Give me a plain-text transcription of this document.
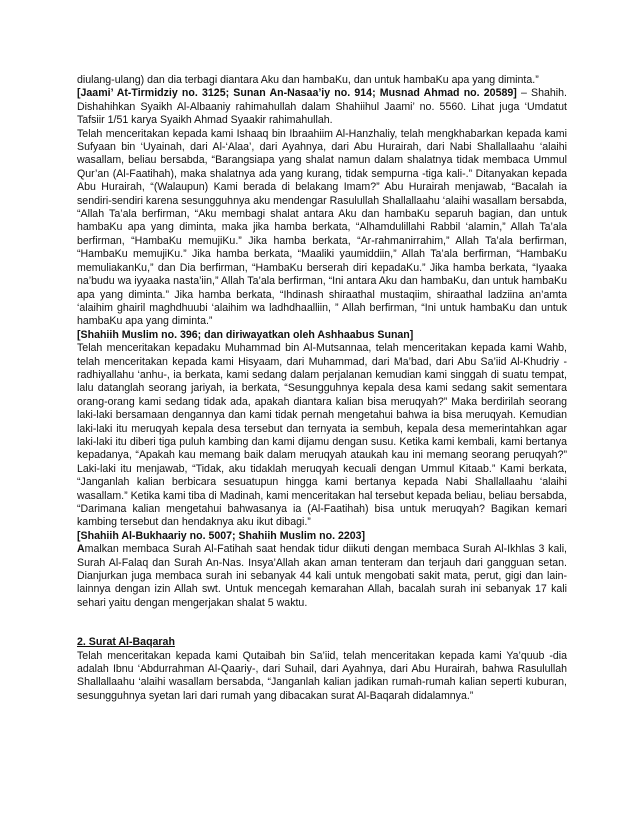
diulang-ulang) dan dia terbagi diantara Aku dan hambaKu, dan untuk hambaKu apa yang diminta.”

[Jaami’ At-Tirmidziy no. 3125; Sunan An-Nasaa’iy no. 914; Musnad Ahmad no. 20589] – Shahih. Dishahihkan Syaikh Al-Albaaniy rahimahullah dalam Shahiihul Jaami’ no. 5560. Lihat juga ‘Umdatut Tafsiir 1/51 karya Syaikh Ahmad Syaakir rahimahullah.

Telah menceritakan kepada kami Ishaaq bin Ibraahiim Al-Hanzhaliy, telah mengkhabarkan kepada kami Sufyaan bin ‘Uyainah, dari Al-‘Alaa’, dari Ayahnya, dari Abu Hurairah, dari Nabi Shallallaahu ‘alaihi wasallam, beliau bersabda, “Barangsiapa yang shalat namun dalam shalatnya tidak membaca Ummul Qur’an (Al-Faatihah), maka shalatnya ada yang kurang, tidak sempurna -tiga kali-.” Ditanyakan kepada Abu Hurairah, “(Walaupun) Kami berada di belakang Imam?” Abu Hurairah menjawab, “Bacalah ia sendiri-sendiri karena sesungguhnya aku mendengar Rasulullah Shallallaahu ‘alaihi wasallam bersabda, “Allah Ta’ala berfirman, “Aku membagi shalat antara Aku dan hambaKu separuh bagian, dan untuk hambaKu apa yang diminta, maka jika hamba berkata, “Alhamdulillahi Rabbil ‘alamin,” Allah Ta’ala berfirman, “HambaKu memujiKu.” Jika hamba berkata, “Ar-rahmanirrahim,” Allah Ta’ala berfirman, “HambaKu memujiKu.” Jika hamba berkata, “Maaliki yaumiddiin,” Allah Ta’ala berfirman, “HambaKu memuliakanKu,” dan Dia berfirman, “HambaKu berserah diri kepadaKu.” Jika hamba berkata, “Iyaaka na’budu wa iyyaaka nasta’iin,” Allah Ta’ala berfirman, “Ini antara Aku dan hambaKu, dan untuk hambaKu apa yang diminta.” Jika hamba berkata, “Ihdinash shiraathal mustaqiim, shiraathal ladziina an’amta ‘alaihim ghairil maghdhuubi ‘alaihim wa ladhdhaalliin, ” Allah berfirman, “Ini untuk hambaKu dan untuk hambaKu apa yang diminta.”

[Shahiih Muslim no. 396; dan diriwayatkan oleh Ashhaabus Sunan]

Telah menceritakan kepadaku Muhammad bin Al-Mutsannaa, telah menceritakan kepada kami Wahb, telah menceritakan kepada kami Hisyaam, dari Muhammad, dari Ma’bad, dari Abu Sa’iid Al-Khudriy -radhiyallahu ‘anhu-, ia berkata, kami sedang dalam perjalanan kemudian kami singgah di suatu tempat, lalu datanglah seorang jariyah, ia berkata, “Sesungguhnya kepala desa kami sedang sakit sementara orang-orang kami sedang tidak ada, apakah diantara kalian bisa meruqyah?” Maka berdirilah seorang laki-laki bersamaan dengannya dan kami tidak pernah mengetahui bahwa ia bisa meruqyah. Kemudian laki-laki itu meruqyah kepala desa tersebut dan ternyata ia sembuh, kepala desa memerintahkan agar laki-laki itu diberi tiga puluh kambing dan kami dijamu dengan susu. Ketika kami kembali, kami bertanya kepadanya, “Apakah kau memang baik dalam meruqyah ataukah kau ini memang seorang peruqyah?” Laki-laki itu menjawab, “Tidak, aku tidaklah meruqyah kecuali dengan Ummul Kitaab.” Kami berkata, “Janganlah kalian berbicara sesuatupun hingga kami bertanya kepada Nabi Shallallaahu ‘alaihi wasallam.” Ketika kami tiba di Madinah, kami menceritakan hal tersebut kepada beliau, beliau bersabda, “Darimana kalian mengetahui bahwasanya ia (Al-Faatihah) bisa untuk meruqyah? Bagikan kemari kambing tersebut dan hendaknya aku ikut dibagi.”

[Shahiih Al-Bukhaariy no. 5007; Shahiih Muslim no. 2203]

Amalkan membaca Surah Al-Fatihah saat hendak tidur diikuti dengan membaca Surah Al-Ikhlas 3 kali, Surah Al-Falaq dan Surah An-Nas. Insya’Allah akan aman tenteram dan terjauh dari gangguan setan. Dianjurkan juga membaca surah ini sebanyak 44 kali untuk mengobati sakit mata, perut, gigi dan lain-lainnya dengan izin Allah swt. Untuk mencegah kemarahan Allah, bacalah surah ini sebanyak 17 kali sehari yaitu dengan mengerjakan shalat 5 waktu.

2. Surat Al-Baqarah

Telah menceritakan kepada kami Qutaibah bin Sa’iid, telah menceritakan kepada kami Ya’quub -dia adalah Ibnu ‘Abdurrahman Al-Qaariy-, dari Suhail, dari Ayahnya, dari Abu Hurairah, bahwa Rasulullah Shallallaahu ‘alaihi wasallam bersabda, “Janganlah kalian jadikan rumah-rumah kalian seperti kuburan, sesungguhnya syetan lari dari rumah yang dibacakan surat Al-Baqarah didalamnya.”
